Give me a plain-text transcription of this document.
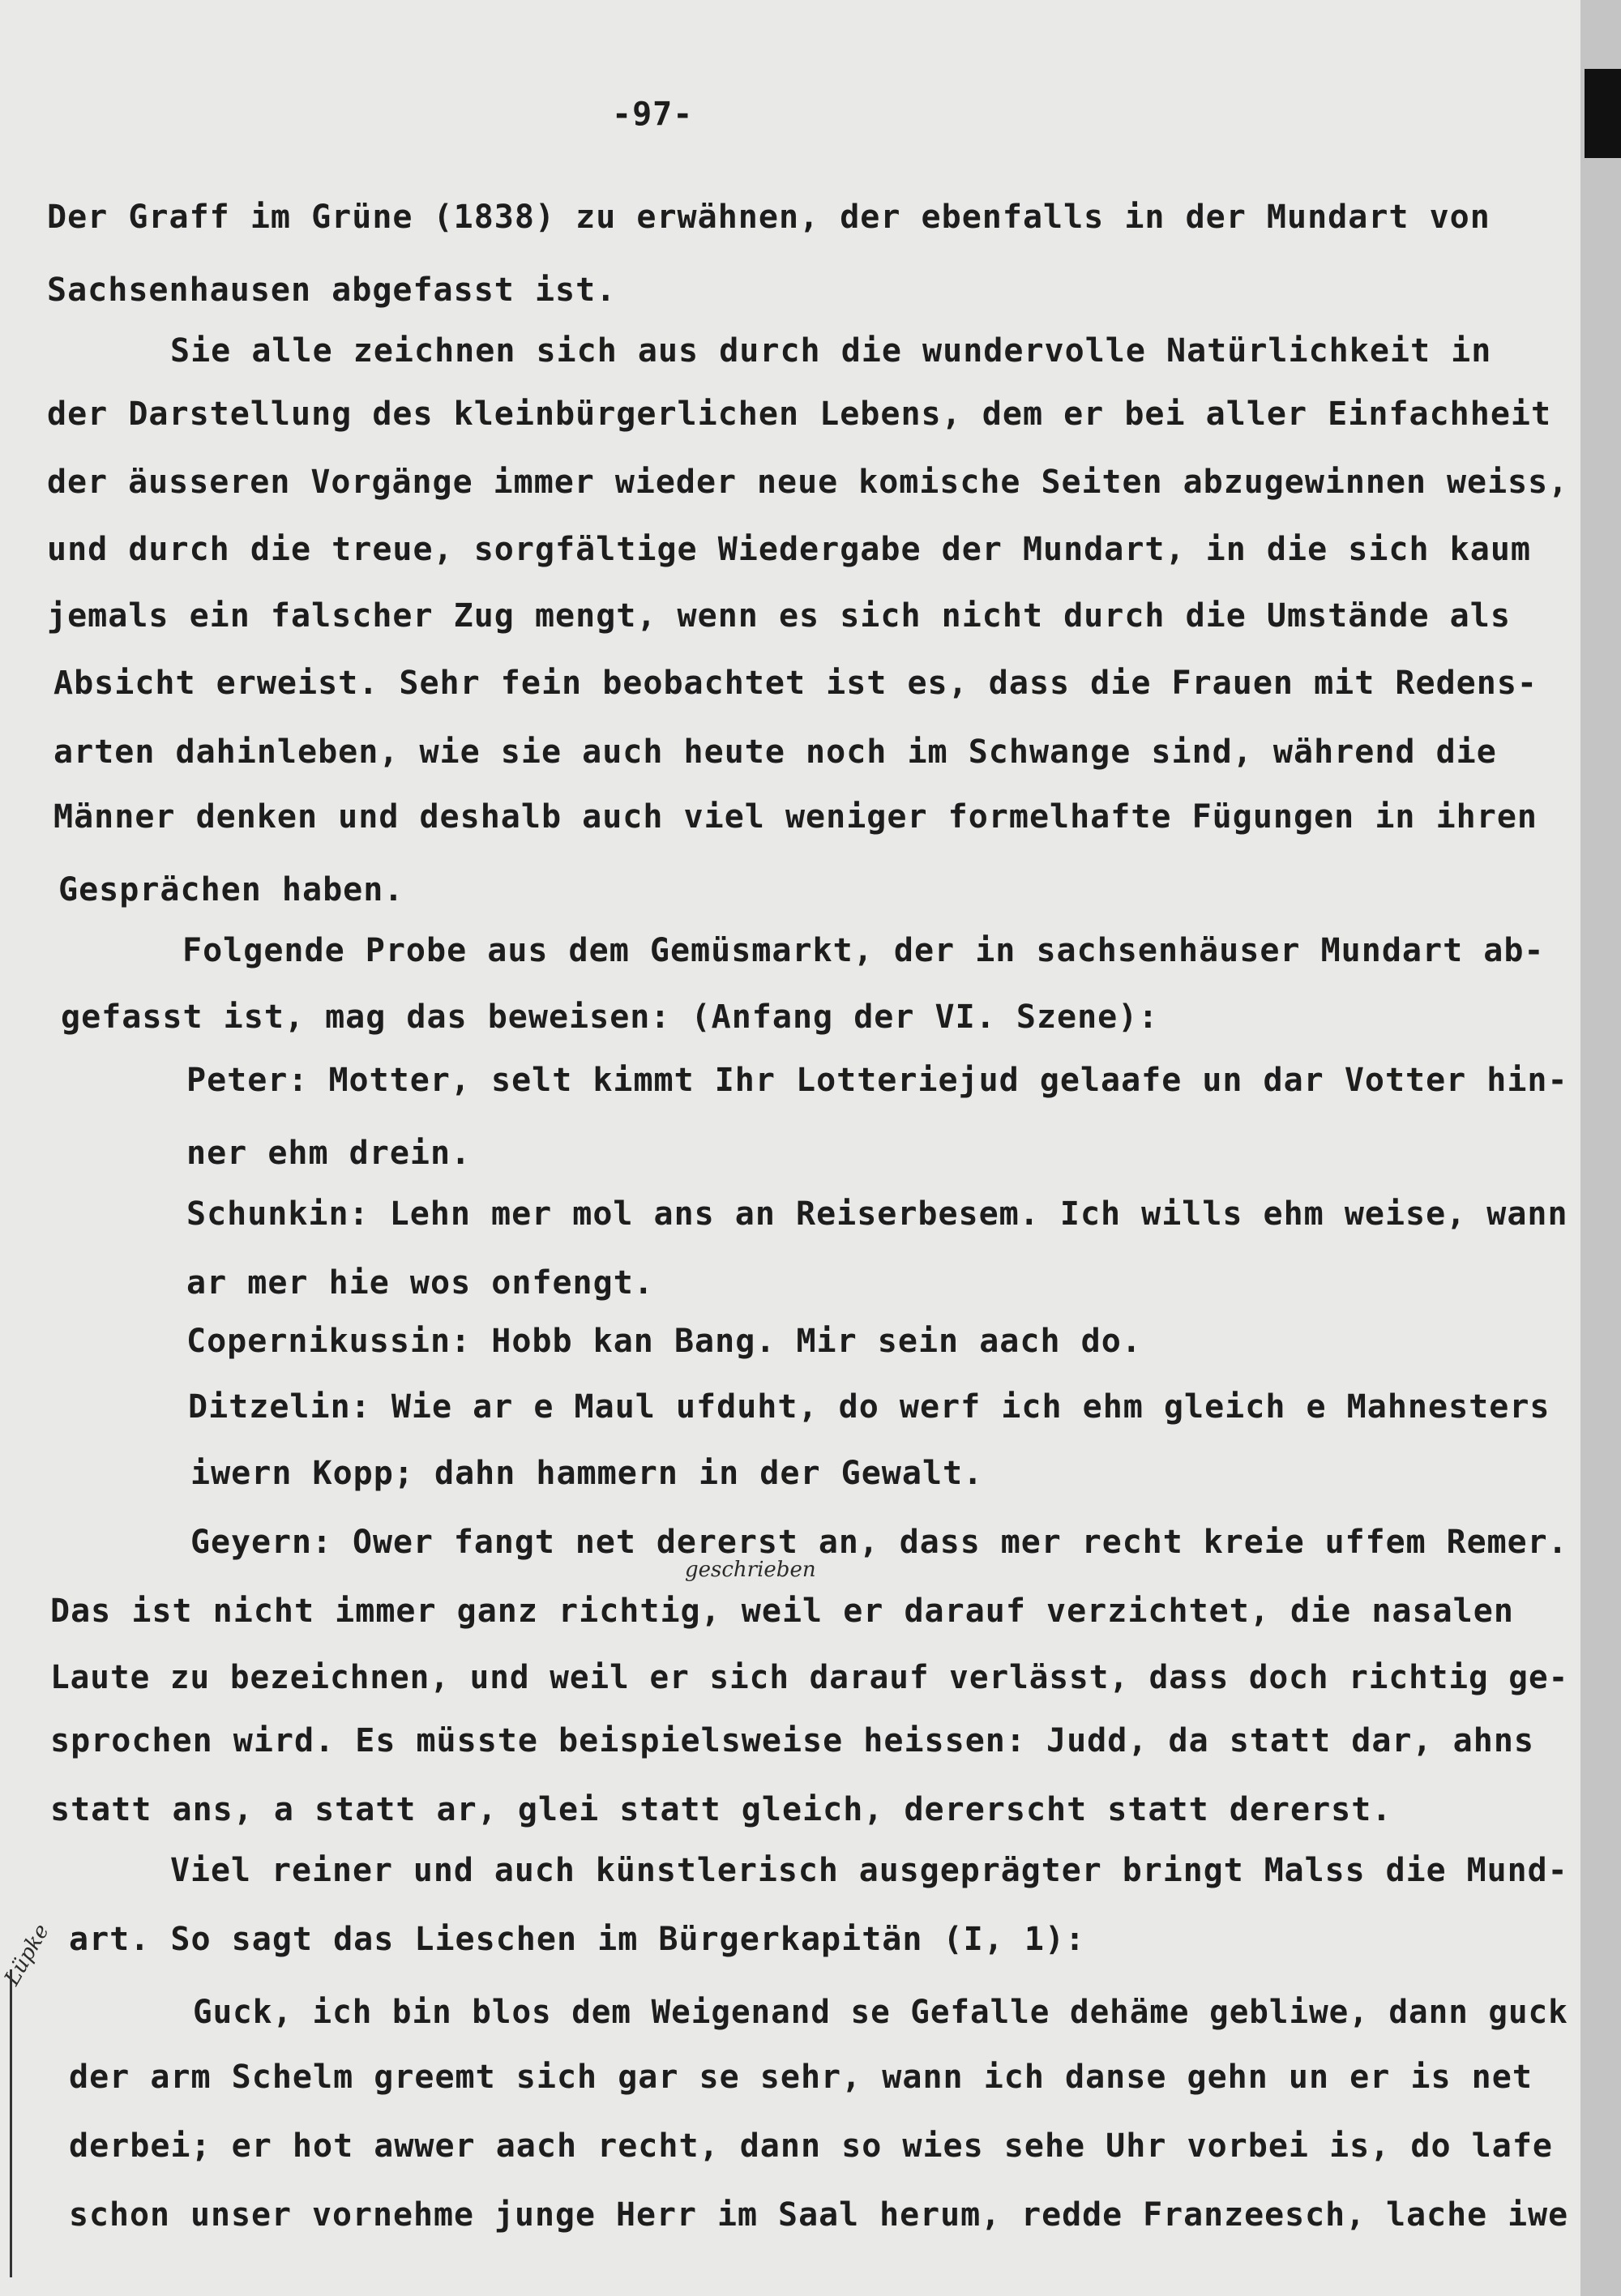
-97-
Der Graff im Grüne (1838) zu erwähnen, der ebenfalls in der Mundart von
Sachsenhausen abgefasst ist.
Sie alle zeichnen sich aus durch die wundervolle Natürlichkeit in
der Darstellung des kleinbürgerlichen Lebens, dem er bei aller Einfachheit
der äusseren Vorgänge immer wieder neue komische Seiten abzugewinnen weiss,
und durch die treue, sorgfältige Wiedergabe der Mundart, in die sich kaum
jemals ein falscher Zug mengt, wenn es sich nicht durch die Umstände als
Absicht erweist. Sehr fein beobachtet ist es, dass die Frauen mit Redens-
arten dahinleben, wie sie auch heute noch im Schwange sind, während die
Männer denken und deshalb auch viel weniger formelhafte Fügungen in ihren
Gesprächen haben.
Folgende Probe aus dem Gemüsmarkt, der in sachsenhäuser Mundart ab-
gefasst ist, mag das beweisen: (Anfang der VI. Szene):
Peter: Motter, selt kimmt Ihr Lotteriejud gelaafe un dar Votter hin-
ner ehm drein.
Schunkin: Lehn mer mol ans an Reiserbesem. Ich wills ehm weise, wann
ar mer hie wos onfengt.
Copernikussin: Hobb kan Bang. Mir sein aach do.
Ditzelin: Wie ar e Maul ufduht, do werf ich ehm gleich e Mahnesters
iwern Kopp; dahn hammern in der Gewalt.
Geyern: Ower fangt net dererst an, dass mer recht kreie uffem Remer.
geschrieben
Das ist nicht immer ganz richtig, weil er darauf verzichtet, die nasalen
Laute zu bezeichnen, und weil er sich darauf verlässt, dass doch richtig ge-
sprochen wird. Es müsste beispielsweise heissen: Judd, da statt dar, ahns
statt ans, a statt ar, glei statt gleich, dererscht statt dererst.
Viel reiner und auch künstlerisch ausgeprägter bringt Malss die Mund-
art. So sagt das Lieschen im Bürgerkapitän (I, 1):
Lüpke
Guck, ich bin blos dem Weigenand se Gefalle dehäme gebliwe, dann guck
der arm Schelm greemt sich gar se sehr, wann ich danse gehn un er is net
derbei; er hot awwer aach recht, dann so wies sehe Uhr vorbei is, do lafe
schon unser vornehme junge Herr im Saal herum, redde Franzeesch, lache iwe
